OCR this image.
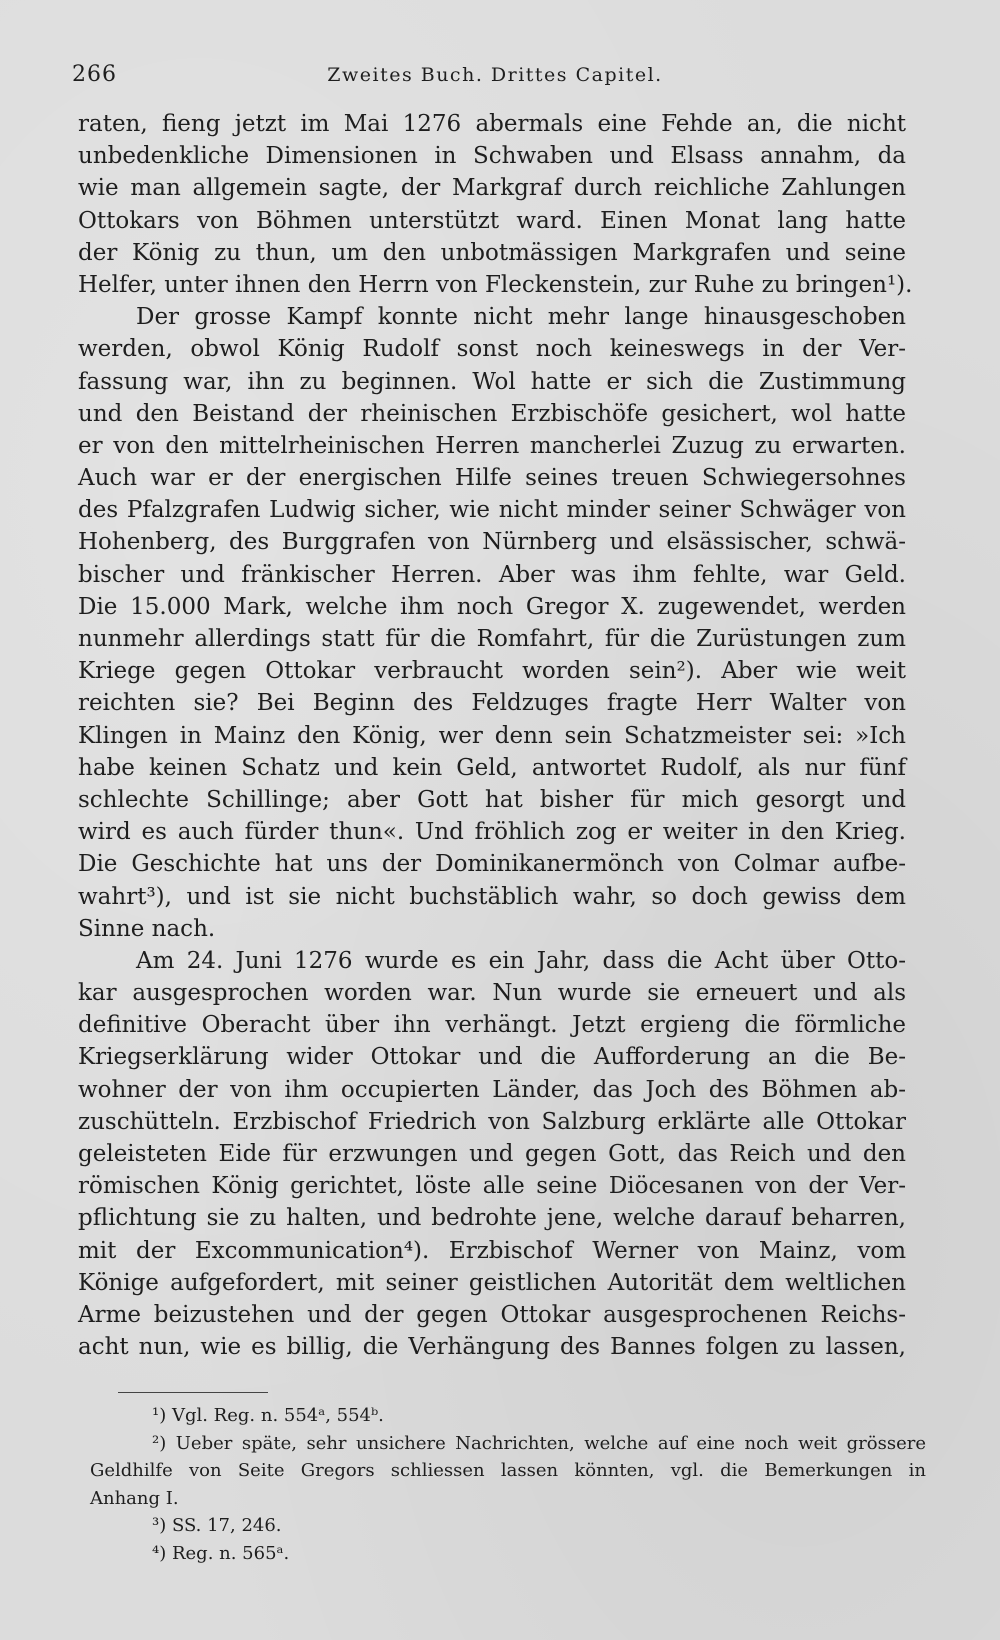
266	Zweites Buch. Drittes Capitel.
raten, fieng jetzt im Mai 1276 abermals eine Fehde an, die nicht
unbedenkliche Dimensionen in Schwaben und Elsass annahm, da
wie man allgemein sagte, der Markgraf durch reichliche Zahlungen
Ottokars von Böhmen unterstützt ward. Einen Monat lang hatte
der König zu thun, um den unbotmässigen Markgrafen und seine
Helfer, unter ihnen den Herrn von Fleckenstein, zur Ruhe zu bringen¹).
Der grosse Kampf konnte nicht mehr lange hinausgeschoben
werden, obwol König Rudolf sonst noch keineswegs in der Ver-
fassung war, ihn zu beginnen. Wol hatte er sich die Zustimmung
und den Beistand der rheinischen Erzbischöfe gesichert, wol hatte
er von den mittelrheinischen Herren mancherlei Zuzug zu erwarten.
Auch war er der energischen Hilfe seines treuen Schwiegersohnes
des Pfalzgrafen Ludwig sicher, wie nicht minder seiner Schwäger von
Hohenberg, des Burggrafen von Nürnberg und elsässischer, schwä-
bischer und fränkischer Herren. Aber was ihm fehlte, war Geld.
Die 15.000 Mark, welche ihm noch Gregor X. zugewendet, werden
nunmehr allerdings statt für die Romfahrt, für die Zurüstungen zum
Kriege gegen Ottokar verbraucht worden sein²). Aber wie weit
reichten sie? Bei Beginn des Feldzuges fragte Herr Walter von
Klingen in Mainz den König, wer denn sein Schatzmeister sei: »Ich
habe keinen Schatz und kein Geld, antwortet Rudolf, als nur fünf
schlechte Schillinge; aber Gott hat bisher für mich gesorgt und
wird es auch fürder thun«. Und fröhlich zog er weiter in den Krieg.
Die Geschichte hat uns der Dominikanermönch von Colmar aufbe-
wahrt³), und ist sie nicht buchstäblich wahr, so doch gewiss dem
Sinne nach.
Am 24. Juni 1276 wurde es ein Jahr, dass die Acht über Otto-
kar ausgesprochen worden war. Nun wurde sie erneuert und als
definitive Oberacht über ihn verhängt. Jetzt ergieng die förmliche
Kriegserklärung wider Ottokar und die Aufforderung an die Be-
wohner der von ihm occupierten Länder, das Joch des Böhmen ab-
zuschütteln. Erzbischof Friedrich von Salzburg erklärte alle Ottokar
geleisteten Eide für erzwungen und gegen Gott, das Reich und den
römischen König gerichtet, löste alle seine Diöcesanen von der Ver-
pflichtung sie zu halten, und bedrohte jene, welche darauf beharren,
mit der Excommunication⁴). Erzbischof Werner von Mainz, vom
Könige aufgefordert, mit seiner geistlichen Autorität dem weltlichen
Arme beizustehen und der gegen Ottokar ausgesprochenen Reichs-
acht nun, wie es billig, die Verhängung des Bannes folgen zu lassen,
¹) Vgl. Reg. n. 554ᵃ, 554ᵇ.
²) Ueber späte, sehr unsichere Nachrichten, welche auf eine noch weit grössere
Geldhilfe von Seite Gregors schliessen lassen könnten, vgl. die Bemerkungen in
Anhang I.
³) SS. 17, 246.
⁴) Reg. n. 565ᵃ.
